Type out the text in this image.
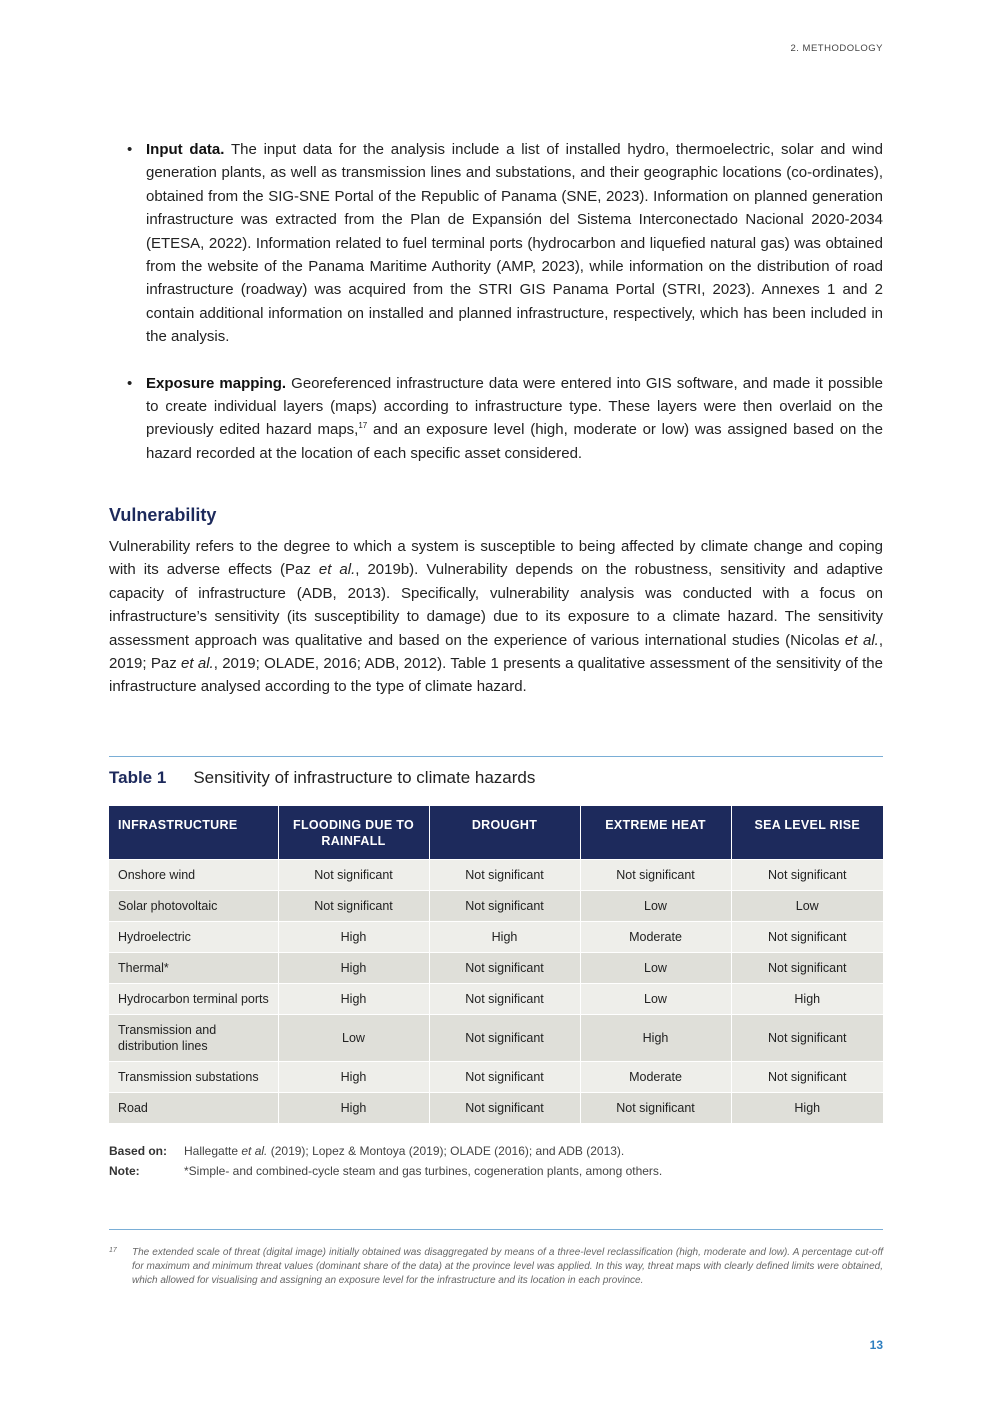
2. METHODOLOGY
• Input data. The input data for the analysis include a list of installed hydro, thermoelectric, solar and wind generation plants, as well as transmission lines and substations, and their geographic locations (co-ordinates), obtained from the SIG-SNE Portal of the Republic of Panama (SNE, 2023). Information on planned generation infrastructure was extracted from the Plan de Expansión del Sistema Interconectado Nacional 2020-2034 (ETESA, 2022). Information related to fuel terminal ports (hydrocarbon and liquefied natural gas) was obtained from the website of the Panama Maritime Authority (AMP, 2023), while information on the distribution of road infrastructure (roadway) was acquired from the STRI GIS Panama Portal (STRI, 2023). Annexes 1 and 2 contain additional information on installed and planned infrastructure, respectively, which has been included in the analysis.

• Exposure mapping. Georeferenced infrastructure data were entered into GIS software, and made it possible to create individual layers (maps) according to infrastructure type. These layers were then overlaid on the previously edited hazard maps,$^{17}$ and an exposure level (high, moderate or low) was assigned based on the hazard recorded at the location of each specific asset considered.

Vulnerability

Vulnerability refers to the degree to which a system is susceptible to being affected by climate change and coping with its adverse effects (Paz et al., 2019b). Vulnerability depends on the robustness, sensitivity and adaptive capacity of infrastructure (ADB, 2013). Specifically, vulnerability analysis was conducted with a focus on infrastructure’s sensitivity (its susceptibility to damage) due to its exposure to a climate hazard. The sensitivity assessment approach was qualitative and based on the experience of various international studies (Nicolas et al., 2019; Paz et al., 2019; OLADE, 2016; ADB, 2012). Table 1 presents a qualitative assessment of the sensitivity of the infrastructure analysed according to the type of climate hazard.

Table 1 Sensitivity of infrastructure to climate hazards
INFRASTRUCTURE	FLOODING DUE TO RAINFALL	DROUGHT	EXTREME HEAT	SEA LEVEL RISE
Onshore wind	Not significant	Not significant	Not significant	Not significant
Solar photovoltaic	Not significant	Not significant	Low	Low
Hydroelectric	High	High	Moderate	Not significant
Thermal*	High	Not significant	Low	Not significant
Hydrocarbon terminal ports	High	Not significant	Low	High
Transmission and distribution lines	Low	Not significant	High	Not significant
Transmission substations	High	Not significant	Moderate	Not significant
Road	High	Not significant	Not significant	High
Based on:	Hallegatte et al. (2019); Lopez & Montoya (2019); OLADE (2016); and ADB (2013).
Note:	*Simple- and combined-cycle steam and gas turbines, cogeneration plants, among others.
17 The extended scale of threat (digital image) initially obtained was disaggregated by means of a three-level reclassification (high, moderate and low). A percentage cut-off for maximum and minimum threat values (dominant share of the data) at the province level was applied. In this way, threat maps with clearly defined limits were obtained, which allowed for visualising and assigning an exposure level for the infrastructure and its location in each province.
13
